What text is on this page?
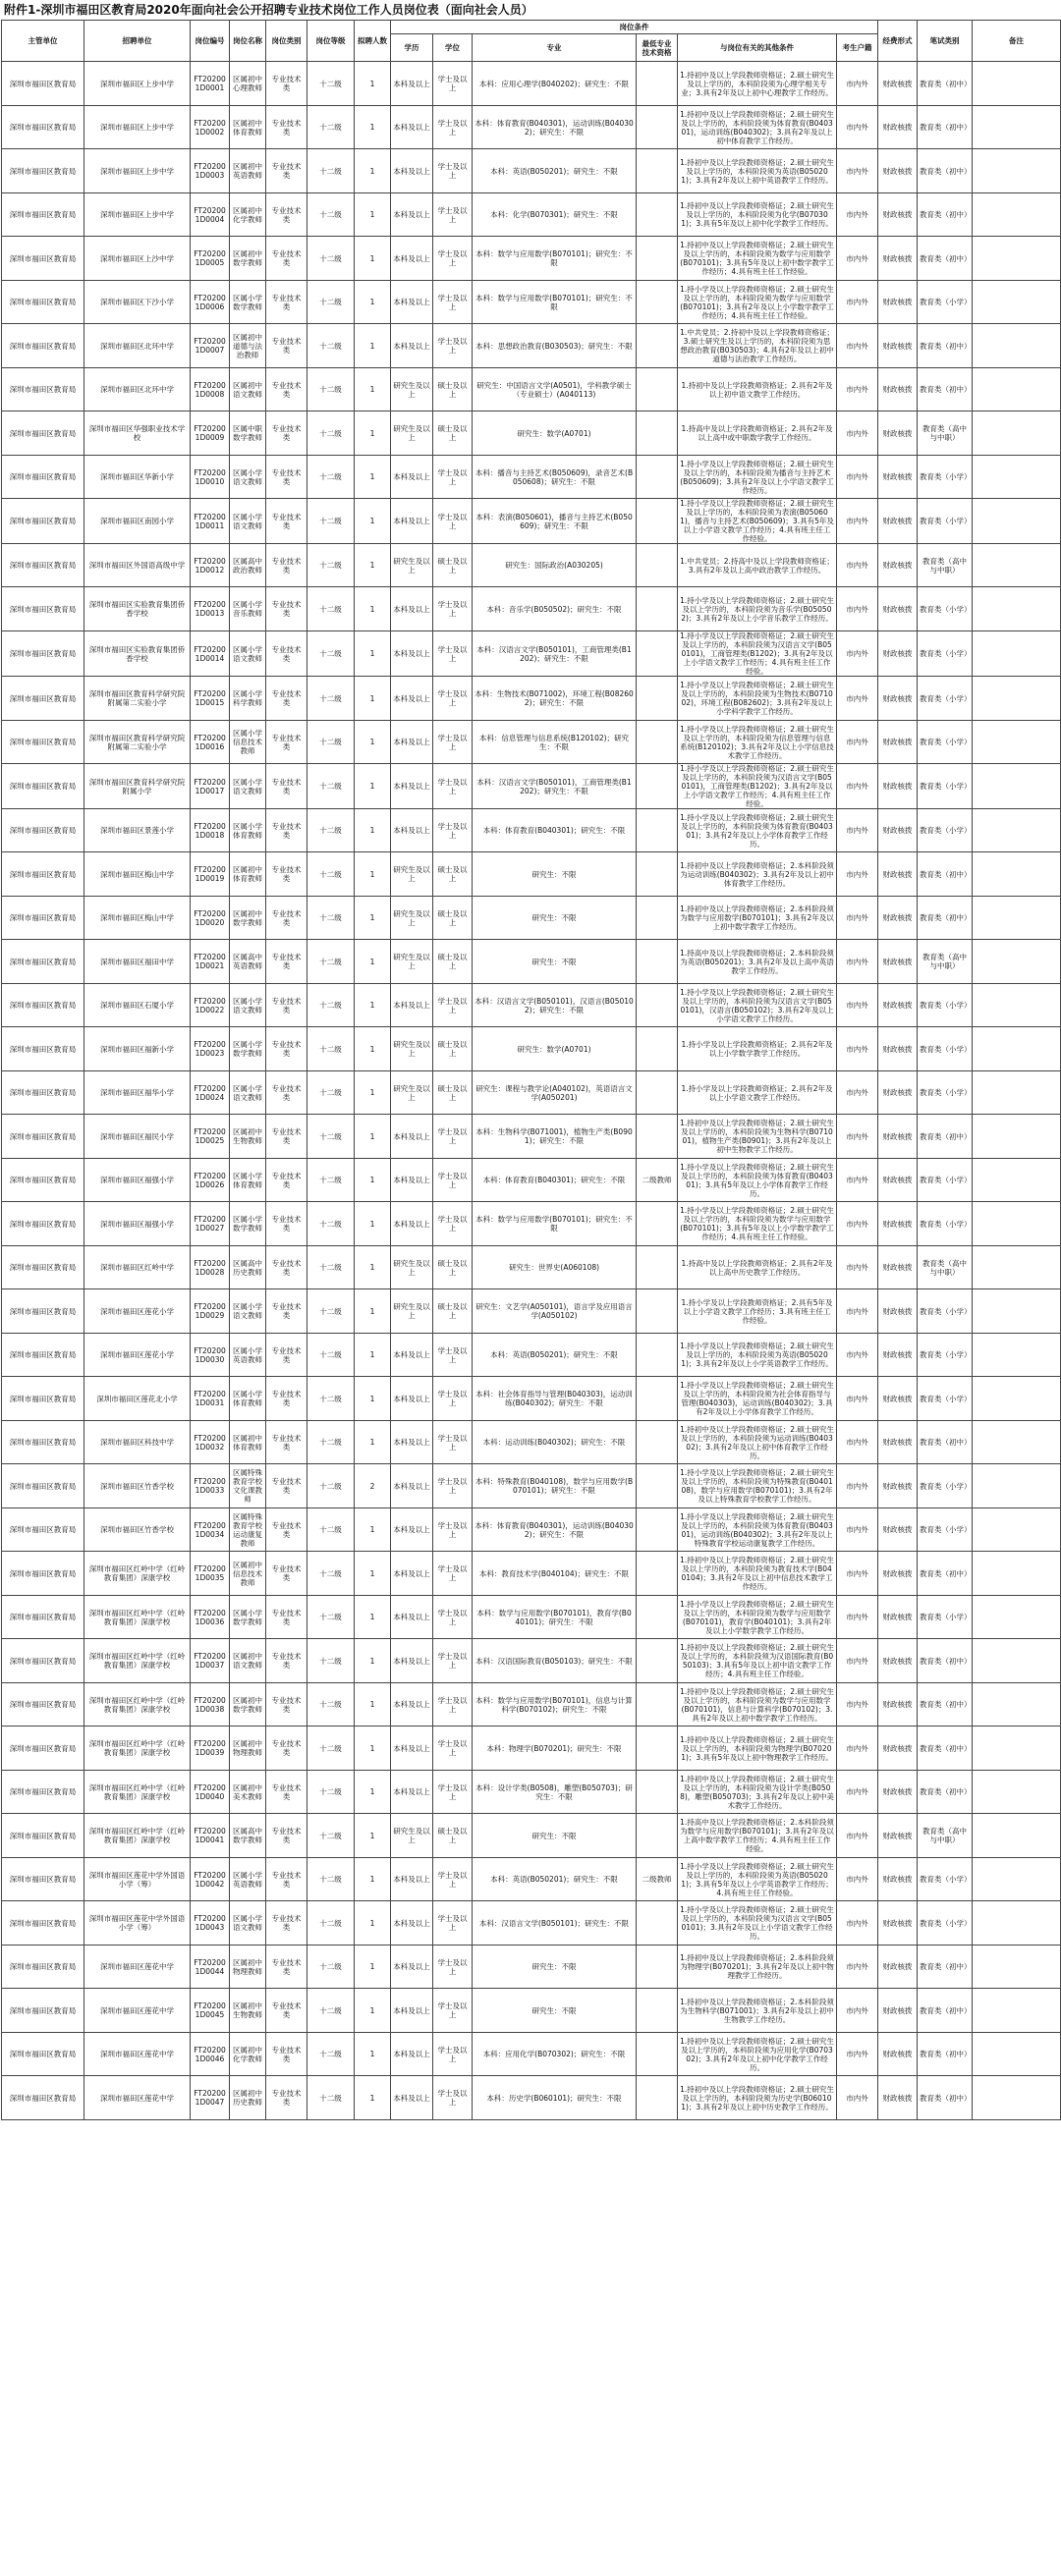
附件1-深圳市福田区教育局2020年面向社会公开招聘专业技术岗位工作人员岗位表（面向社会人员）
主管单位	招聘单位	岗位编号	岗位名称	岗位类别	岗位等级	拟聘人数	岗位条件						经费形式	笔试类别	备注
							学历	学位	专业	最低专业技术资格	与岗位有关的其他条件	考生户籍			
深圳市福田区教育局	深圳市福田区上步中学	FT202001D0001	区属初中心理教师	专业技术类	十二级	1	本科及以上	学士及以上	本科：应用心理学(B040202)；研究生：不限		1.持初中及以上学段教师资格证；2.硕士研究生及以上学历的，本科阶段须为心理学相关专业；3.具有2年及以上初中心理教学工作经历。	市内外	财政核拨	教育类（初中）	
深圳市福田区教育局	深圳市福田区上步中学	FT202001D0002	区属初中体育教师	专业技术类	十二级	1	本科及以上	学士及以上	本科：体育教育(B040301)，运动训练(B040302)；研究生：不限		1.持初中及以上学段教师资格证；2.硕士研究生及以上学历的，本科阶段须为体育教育(B040301)，运动训练(B040302)；3.具有2年及以上初中体育教学工作经历。	市内外	财政核拨	教育类（初中）	
深圳市福田区教育局	深圳市福田区上步中学	FT202001D0003	区属初中英语教师	专业技术类	十二级	1	本科及以上	学士及以上	本科：英语(B050201)；研究生：不限		1.持初中及以上学段教师资格证；2.硕士研究生及以上学历的，本科阶段须为英语(B050201)；3.具有2年及以上初中英语教学工作经历。	市内外	财政核拨	教育类（初中）	
深圳市福田区教育局	深圳市福田区上步中学	FT202001D0004	区属初中化学教师	专业技术类	十二级	1	本科及以上	学士及以上	本科：化学(B070301)；研究生：不限		1.持初中及以上学段教师资格证；2.硕士研究生及以上学历的，本科阶段须为化学(B070301)；3.具有5年及以上初中化学教学工作经历。	市内外	财政核拨	教育类（初中）	
深圳市福田区教育局	深圳市福田区上沙中学	FT202001D0005	区属初中数学教师	专业技术类	十二级	1	本科及以上	学士及以上	本科：数学与应用数学(B070101)；研究生：不限		1.持初中及以上学段教师资格证；2.硕士研究生及以上学历的，本科阶段须为数学与应用数学(B070101)；3.具有5年及以上初中数学教学工作经历；4.具有班主任工作经验。	市内外	财政核拨	教育类（初中）	
深圳市福田区教育局	深圳市福田区下沙小学	FT202001D0006	区属小学数学教师	专业技术类	十二级	1	本科及以上	学士及以上	本科：数学与应用数学(B070101)；研究生：不限		1.持小学及以上学段教师资格证；2.硕士研究生及以上学历的，本科阶段须为数学与应用数学(B070101)；3.具有2年及以上小学数学教学工作经历；4.具有班主任工作经验。	市内外	财政核拨	教育类（小学）	
深圳市福田区教育局	深圳市福田区北环中学	FT202001D0007	区属初中道德与法治教师	专业技术类	十二级	1	本科及以上	学士及以上	本科：思想政治教育(B030503)；研究生：不限		1.中共党员；2.持初中及以上学段教师资格证；3.硕士研究生及以上学历的，本科阶段须为思想政治教育(B030503)；4.具有2年及以上初中道德与法治教学工作经历。	市内外	财政核拨	教育类（初中）	
深圳市福田区教育局	深圳市福田区北环中学	FT202001D0008	区属初中语文教师	专业技术类	十二级	1	研究生及以上	硕士及以上	研究生：中国语言文学(A0501)，学科教学硕士（专业硕士）(A040113)		1.持初中及以上学段教师资格证；2.具有2年及以上初中语文教学工作经历。	市内外	财政核拨	教育类（初中）	
深圳市福田区教育局	深圳市福田区华强职业技术学校	FT202001D0009	区属中职数学教师	专业技术类	十二级	1	研究生及以上	硕士及以上	研究生：数学(A0701)		1.持高中及以上学段教师资格证；2.具有2年及以上高中或中职数学教学工作经历。	市内外	财政核拨	教育类（高中与中职）	
深圳市福田区教育局	深圳市福田区华新小学	FT202001D0010	区属小学语文教师	专业技术类	十二级	1	本科及以上	学士及以上	本科：播音与主持艺术(B050609)，录音艺术(B050608)；研究生：不限		1.持小学及以上学段教师资格证；2.硕士研究生及以上学历的，本科阶段须为播音与主持艺术(B050609)；3.具有2年及以上小学语文教学工作经历。	市内外	财政核拨	教育类（小学）	
深圳市福田区教育局	深圳市福田区南园小学	FT202001D0011	区属小学语文教师	专业技术类	十二级	1	本科及以上	学士及以上	本科：表演(B050601)，播音与主持艺术(B050609)；研究生：不限		1.持小学及以上学段教师资格证；2.硕士研究生及以上学历的，本科阶段须为表演(B050601)，播音与主持艺术(B050609)；3.具有5年及以上小学语文教学工作经历；4.具有班主任工作经验。	市内外	财政核拨	教育类（小学）	
深圳市福田区教育局	深圳市福田区外国语高级中学	FT202001D0012	区属高中政治教师	专业技术类	十二级	1	研究生及以上	硕士及以上	研究生：国际政治(A030205)		1.中共党员；2.持高中及以上学段教师资格证；3.具有2年及以上高中政治教学工作经历。	市内外	财政核拨	教育类（高中与中职）	
深圳市福田区教育局	深圳市福田区实验教育集团侨香学校	FT202001D0013	区属小学音乐教师	专业技术类	十二级	1	本科及以上	学士及以上	本科：音乐学(B050502)；研究生：不限		1.持小学及以上学段教师资格证；2.硕士研究生及以上学历的，本科阶段须为音乐学(B050502)；3.具有2年及以上小学音乐教学工作经历。	市内外	财政核拨	教育类（小学）	
深圳市福田区教育局	深圳市福田区实验教育集团侨香学校	FT202001D0014	区属小学语文教师	专业技术类	十二级	1	本科及以上	学士及以上	本科：汉语言文学(B050101)，工商管理类(B1202)；研究生：不限		1.持小学及以上学段教师资格证；2.硕士研究生及以上学历的，本科阶段须为汉语言文学(B050101)，工商管理类(B1202)；3.具有2年及以上小学语文教学工作经历；4.具有班主任工作经验。	市内外	财政核拨	教育类（小学）	
深圳市福田区教育局	深圳市福田区教育科学研究院附属第二实验小学	FT202001D0015	区属小学科学教师	专业技术类	十二级	1	本科及以上	学士及以上	本科：生物技术(B071002)，环境工程(B082602)；研究生：不限		1.持小学及以上学段教师资格证；2.硕士研究生及以上学历的，本科阶段须为生物技术(B071002)，环境工程(B082602)；3.具有2年及以上小学科学教学工作经历。	市内外	财政核拨	教育类（小学）	
深圳市福田区教育局	深圳市福田区教育科学研究院附属第二实验小学	FT202001D0016	区属小学信息技术教师	专业技术类	十二级	1	本科及以上	学士及以上	本科：信息管理与信息系统(B120102)；研究生：不限		1.持小学及以上学段教师资格证；2.硕士研究生及以上学历的，本科阶段须为信息管理与信息系统(B120102)；3.具有2年及以上小学信息技术教学工作经历。	市内外	财政核拨	教育类（小学）	
深圳市福田区教育局	深圳市福田区教育科学研究院附属小学	FT202001D0017	区属小学语文教师	专业技术类	十二级	1	本科及以上	学士及以上	本科：汉语言文学(B050101)，工商管理类(B1202)；研究生：不限		1.持小学及以上学段教师资格证；2.硕士研究生及以上学历的，本科阶段须为汉语言文学(B050101)，工商管理类(B1202)；3.具有2年及以上小学语文教学工作经历；4.具有班主任工作经验。	市内外	财政核拨	教育类（小学）	
深圳市福田区教育局	深圳市福田区景莲小学	FT202001D0018	区属小学体育教师	专业技术类	十二级	1	本科及以上	学士及以上	本科：体育教育(B040301)；研究生：不限		1.持小学及以上学段教师资格证；2.硕士研究生及以上学历的，本科阶段须为体育教育(B040301)；3.具有2年及以上小学体育教学工作经历。	市内外	财政核拨	教育类（小学）	
深圳市福田区教育局	深圳市福田区梅山中学	FT202001D0019	区属初中体育教师	专业技术类	十二级	1	研究生及以上	硕士及以上	研究生：不限		1.持初中及以上学段教师资格证；2.本科阶段须为运动训练(B040302)；3.具有2年及以上初中体育教学工作经历。	市内外	财政核拨	教育类（初中）	
深圳市福田区教育局	深圳市福田区梅山中学	FT202001D0020	区属初中数学教师	专业技术类	十二级	1	研究生及以上	硕士及以上	研究生：不限		1.持初中及以上学段教师资格证；2.本科阶段须为数学与应用数学(B070101)；3.具有2年及以上初中数学教学工作经历。	市内外	财政核拨	教育类（初中）	
深圳市福田区教育局	深圳市福田区福田中学	FT202001D0021	区属高中英语教师	专业技术类	十二级	1	研究生及以上	硕士及以上	研究生：不限		1.持高中及以上学段教师资格证；2.本科阶段须为英语(B050201)；3.具有2年及以上高中英语教学工作经历。	市内外	财政核拨	教育类（高中与中职）	
深圳市福田区教育局	深圳市福田区石厦小学	FT202001D0022	区属小学语文教师	专业技术类	十二级	1	本科及以上	学士及以上	本科：汉语言文学(B050101)，汉语言(B050102)；研究生：不限		1.持小学及以上学段教师资格证；2.硕士研究生及以上学历的，本科阶段须为汉语言文学(B050101)，汉语言(B050102)；3.具有2年及以上小学语文教学工作经历。	市内外	财政核拨	教育类（小学）	
深圳市福田区教育局	深圳市福田区福新小学	FT202001D0023	区属小学数学教师	专业技术类	十二级	1	研究生及以上	硕士及以上	研究生：数学(A0701)		1.持小学及以上学段教师资格证；2.具有2年及以上小学数学教学工作经历。	市内外	财政核拨	教育类（小学）	
深圳市福田区教育局	深圳市福田区福华小学	FT202001D0024	区属小学语文教师	专业技术类	十二级	1	研究生及以上	硕士及以上	研究生：课程与教学论(A040102)，英语语言文学(A050201)		1.持小学及以上学段教师资格证；2.具有2年及以上小学语文教学工作经历。	市内外	财政核拨	教育类（小学）	
深圳市福田区教育局	深圳市福田区福民小学	FT202001D0025	区属初中生物教师	专业技术类	十二级	1	本科及以上	学士及以上	本科：生物科学(B071001)，植物生产类(B0901)；研究生：不限		1.持初中及以上学段教师资格证；2.硕士研究生及以上学历的，本科阶段须为生物科学(B071001)，植物生产类(B0901)；3.具有2年及以上初中生物教学工作经历。	市内外	财政核拨	教育类（初中）	
深圳市福田区教育局	深圳市福田区福强小学	FT202001D0026	区属小学体育教师	专业技术类	十二级	1	本科及以上	学士及以上	本科：体育教育(B040301)；研究生：不限	二级教师	1.持小学及以上学段教师资格证；2.硕士研究生及以上学历的，本科阶段须为体育教育(B040301)；3.具有5年及以上小学体育教学工作经历。	市内外	财政核拨	教育类（小学）	
深圳市福田区教育局	深圳市福田区福强小学	FT202001D0027	区属小学数学教师	专业技术类	十二级	1	本科及以上	学士及以上	本科：数学与应用数学(B070101)；研究生：不限		1.持小学及以上学段教师资格证；2.硕士研究生及以上学历的，本科阶段须为数学与应用数学(B070101)；3.具有5年及以上小学数学教学工作经历；4.具有班主任工作经验。	市内外	财政核拨	教育类（小学）	
深圳市福田区教育局	深圳市福田区红岭中学	FT202001D0028	区属高中历史教师	专业技术类	十二级	1	研究生及以上	硕士及以上	研究生：世界史(A060108)		1.持高中及以上学段教师资格证；2.具有2年及以上高中历史教学工作经历。	市内外	财政核拨	教育类（高中与中职）	
深圳市福田区教育局	深圳市福田区莲花小学	FT202001D0029	区属小学语文教师	专业技术类	十二级	1	研究生及以上	硕士及以上	研究生：文艺学(A050101)，语言学及应用语言学(A050102)		1.持小学及以上学段教师资格证；2.具有5年及以上小学语文教学工作经历；3.具有班主任工作经验。	市内外	财政核拨	教育类（小学）	
深圳市福田区教育局	深圳市福田区莲花小学	FT202001D0030	区属小学英语教师	专业技术类	十二级	1	本科及以上	学士及以上	本科：英语(B050201)；研究生：不限		1.持小学及以上学段教师资格证；2.硕士研究生及以上学历的，本科阶段须为英语(B050201)；3.具有2年及以上小学英语教学工作经历。	市内外	财政核拨	教育类（小学）	
深圳市福田区教育局	深圳市福田区莲花北小学	FT202001D0031	区属小学体育教师	专业技术类	十二级	1	本科及以上	学士及以上	本科：社会体育指导与管理(B040303)，运动训练(B040302)；研究生：不限		1.持小学及以上学段教师资格证；2.硕士研究生及以上学历的，本科阶段须为社会体育指导与管理(B040303)，运动训练(B040302)；3.具有2年及以上小学体育教学工作经历。	市内外	财政核拨	教育类（小学）	
深圳市福田区教育局	深圳市福田区科技中学	FT202001D0032	区属初中体育教师	专业技术类	十二级	1	本科及以上	学士及以上	本科：运动训练(B040302)；研究生：不限		1.持初中及以上学段教师资格证；2.硕士研究生及以上学历的，本科阶段须为运动训练(B040302)；3.具有2年及以上初中体育教学工作经历。	市内外	财政核拨	教育类（初中）	
深圳市福田区教育局	深圳市福田区竹香学校	FT202001D0033	区属特殊教育学校文化课教师	专业技术类	十二级	2	本科及以上	学士及以上	本科：特殊教育(B040108)，数学与应用数学(B070101)；研究生：不限		1.持小学及以上学段教师资格证；2.硕士研究生及以上学历的，本科阶段须为特殊教育(B040108)，数学与应用数学(B070101)；3.具有2年及以上特殊教育学校教学工作经历。	市内外	财政核拨	教育类（小学）	
深圳市福田区教育局	深圳市福田区竹香学校	FT202001D0034	区属特殊教育学校运动康复教师	专业技术类	十二级	1	本科及以上	学士及以上	本科：体育教育(B040301)，运动训练(B040302)；研究生：不限		1.持小学及以上学段教师资格证；2.硕士研究生及以上学历的，本科阶段须为体育教育(B040301)，运动训练(B040302)；3.具有2年及以上特殊教育学校运动康复教学工作经历。	市内外	财政核拨	教育类（小学）	
深圳市福田区教育局	深圳市福田区红岭中学（红岭教育集团）深康学校	FT202001D0035	区属初中信息技术教师	专业技术类	十二级	1	本科及以上	学士及以上	本科：教育技术学(B040104)；研究生：不限		1.持初中及以上学段教师资格证；2.硕士研究生及以上学历的，本科阶段须为教育技术学(B040104)；3.具有2年及以上初中信息技术教学工作经历。	市内外	财政核拨	教育类（初中）	
深圳市福田区教育局	深圳市福田区红岭中学（红岭教育集团）深康学校	FT202001D0036	区属小学数学教师	专业技术类	十二级	1	本科及以上	学士及以上	本科：数学与应用数学(B070101)，教育学(B040101)；研究生：不限		1.持小学及以上学段教师资格证；2.硕士研究生及以上学历的，本科阶段须为数学与应用数学(B070101)，教育学(B040101)；3.具有2年及以上小学数学教学工作经历。	市内外	财政核拨	教育类（小学）	
深圳市福田区教育局	深圳市福田区红岭中学（红岭教育集团）深康学校	FT202001D0037	区属初中语文教师	专业技术类	十二级	1	本科及以上	学士及以上	本科：汉语国际教育(B050103)；研究生：不限		1.持初中及以上学段教师资格证；2.硕士研究生及以上学历的，本科阶段须为汉语国际教育(B050103)；3.具有5年及以上初中语文教学工作经历；4.具有班主任工作经验。	市内外	财政核拨	教育类（初中）	
深圳市福田区教育局	深圳市福田区红岭中学（红岭教育集团）深康学校	FT202001D0038	区属初中数学教师	专业技术类	十二级	1	本科及以上	学士及以上	本科：数学与应用数学(B070101)，信息与计算科学(B070102)；研究生：不限		1.持初中及以上学段教师资格证；2.硕士研究生及以上学历的，本科阶段须为数学与应用数学(B070101)，信息与计算科学(B070102)；3.具有2年及以上初中数学教学工作经历。	市内外	财政核拨	教育类（初中）	
深圳市福田区教育局	深圳市福田区红岭中学（红岭教育集团）深康学校	FT202001D0039	区属初中物理教师	专业技术类	十二级	1	本科及以上	学士及以上	本科：物理学(B070201)；研究生：不限		1.持初中及以上学段教师资格证；2.硕士研究生及以上学历的，本科阶段须为物理学(B070201)；3.具有5年及以上初中物理教学工作经历。	市内外	财政核拨	教育类（初中）	
深圳市福田区教育局	深圳市福田区红岭中学（红岭教育集团）深康学校	FT202001D0040	区属初中美术教师	专业技术类	十二级	1	本科及以上	学士及以上	本科：设计学类(B0508)，雕塑(B050703)；研究生：不限		1.持初中及以上学段教师资格证；2.硕士研究生及以上学历的，本科阶段须为设计学类(B0508)，雕塑(B050703)；3.具有2年及以上初中美术教学工作经历。	市内外	财政核拨	教育类（初中）	
深圳市福田区教育局	深圳市福田区红岭中学（红岭教育集团）深康学校	FT202001D0041	区属高中数学教师	专业技术类	十二级	1	研究生及以上	硕士及以上	研究生：不限		1.持高中及以上学段教师资格证；2.本科阶段须为数学与应用数学(B070101)；3.具有2年及以上高中数学教学工作经历；4.具有班主任工作经验。	市内外	财政核拨	教育类（高中与中职）	
深圳市福田区教育局	深圳市福田区莲花中学外国语小学（筹）	FT202001D0042	区属小学英语教师	专业技术类	十二级	1	本科及以上	学士及以上	本科：英语(B050201)；研究生：不限	二级教师	1.持小学及以上学段教师资格证；2.硕士研究生及以上学历的，本科阶段须为英语(B050201)；3.具有5年及以上小学英语教学工作经历；4.具有班主任工作经验。	市内外	财政核拨	教育类（小学）	
深圳市福田区教育局	深圳市福田区莲花中学外国语小学（筹）	FT202001D0043	区属小学语文教师	专业技术类	十二级	1	本科及以上	学士及以上	本科：汉语言文学(B050101)；研究生：不限		1.持小学及以上学段教师资格证；2.硕士研究生及以上学历的，本科阶段须为汉语言文学(B050101)；3.具有2年及以上小学语文教学工作经历。	市内外	财政核拨	教育类（小学）	
深圳市福田区教育局	深圳市福田区莲花中学	FT202001D0044	区属初中物理教师	专业技术类	十二级	1	本科及以上	学士及以上	研究生：不限		1.持初中及以上学段教师资格证；2.本科阶段须为物理学(B070201)；3.具有2年及以上初中物理教学工作经历。	市内外	财政核拨	教育类（初中）	
深圳市福田区教育局	深圳市福田区莲花中学	FT202001D0045	区属初中生物教师	专业技术类	十二级	1	本科及以上	学士及以上	研究生：不限		1.持初中及以上学段教师资格证；2.本科阶段须为生物科学(B071001)；3.具有2年及以上初中生物教学工作经历。	市内外	财政核拨	教育类（初中）	
深圳市福田区教育局	深圳市福田区莲花中学	FT202001D0046	区属初中化学教师	专业技术类	十二级	1	本科及以上	学士及以上	本科：应用化学(B070302)；研究生：不限		1.持初中及以上学段教师资格证；2.硕士研究生及以上学历的，本科阶段须为应用化学(B070302)；3.具有2年及以上初中化学教学工作经历。	市内外	财政核拨	教育类（初中）	
深圳市福田区教育局	深圳市福田区莲花中学	FT202001D0047	区属初中历史教师	专业技术类	十二级	1	本科及以上	学士及以上	本科：历史学(B060101)；研究生：不限		1.持初中及以上学段教师资格证；2.硕士研究生及以上学历的，本科阶段须为历史学(B060101)；3.具有2年及以上初中历史教学工作经历。	市内外	财政核拨	教育类（初中）	
